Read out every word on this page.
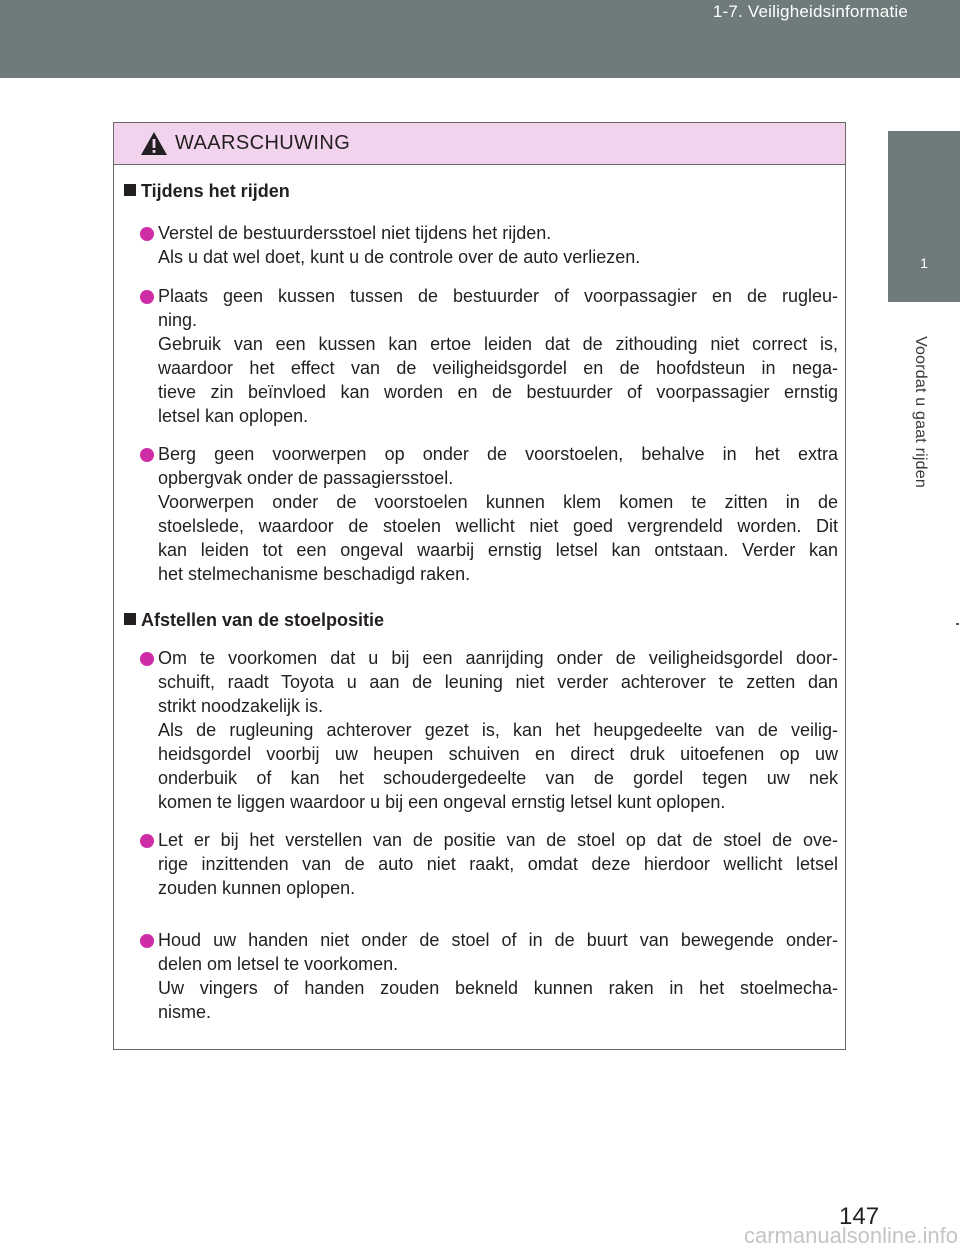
1-7. Veiligheidsinformatie
1
Voordat u gaat rijden
WAARSCHUWING
Tijdens het rijden
Verstel de bestuurdersstoel niet tijdens het rijden.
Als u dat wel doet, kunt u de controle over de auto verliezen.
Plaats geen kussen tussen de bestuurder of voorpassagier en de rugleu-
ning.
Gebruik van een kussen kan ertoe leiden dat de zithouding niet correct is,
waardoor het effect van de veiligheidsgordel en de hoofdsteun in nega-
tieve zin beïnvloed kan worden en de bestuurder of voorpassagier ernstig
letsel kan oplopen.
Berg geen voorwerpen op onder de voorstoelen, behalve in het extra
opbergvak onder de passagiersstoel.
Voorwerpen onder de voorstoelen kunnen klem komen te zitten in de
stoelslede, waardoor de stoelen wellicht niet goed vergrendeld worden. Dit
kan leiden tot een ongeval waarbij ernstig letsel kan ontstaan. Verder kan
het stelmechanisme beschadigd raken.
Afstellen van de stoelpositie
Om te voorkomen dat u bij een aanrijding onder de veiligheidsgordel door-
schuift, raadt Toyota u aan de leuning niet verder achterover te zetten dan
strikt noodzakelijk is.
Als de rugleuning achterover gezet is, kan het heupgedeelte van de veilig-
heidsgordel voorbij uw heupen schuiven en direct druk uitoefenen op uw
onderbuik of kan het schoudergedeelte van de gordel tegen uw nek
komen te liggen waardoor u bij een ongeval ernstig letsel kunt oplopen.
Let er bij het verstellen van de positie van de stoel op dat de stoel de ove-
rige inzittenden van de auto niet raakt, omdat deze hierdoor wellicht letsel
zouden kunnen oplopen.
Houd uw handen niet onder de stoel of in de buurt van bewegende onder-
delen om letsel te voorkomen.
Uw vingers of handen zouden bekneld kunnen raken in het stoelmecha-
nisme.
147
carmanualsonline.info
